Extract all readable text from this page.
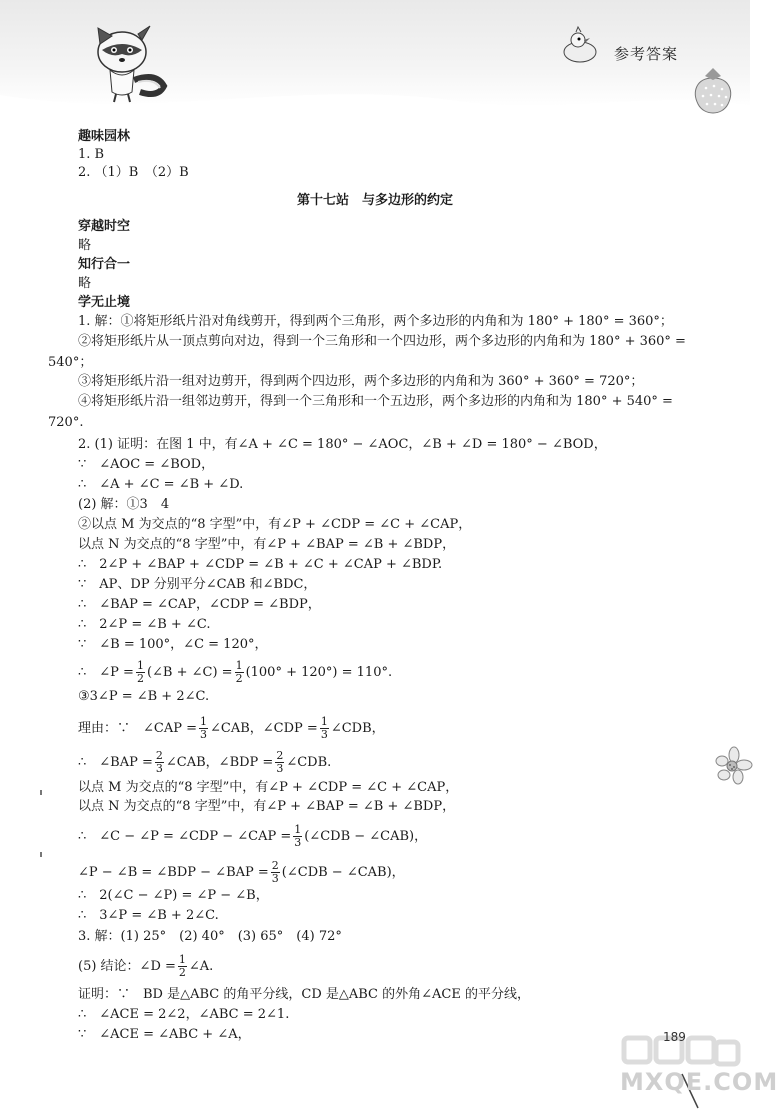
参考答案
趣味园林
1. B
2. （1）B　（2）B
第十七站　与多边形的约定
穿越时空
略
知行合一
略
学无止境
1. 解：①将矩形纸片沿对角线剪开，得到两个三角形，两个多边形的内角和为 180° + 180° = 360°；
②将矩形纸片从一顶点剪向对边，得到一个三角形和一个四边形，两个多边形的内角和为 180° + 360° =
540°；
③将矩形纸片沿一组对边剪开，得到两个四边形，两个多边形的内角和为 360° + 360° = 720°；
④将矩形纸片沿一组邻边剪开，得到一个三角形和一个五边形，两个多边形的内角和为 180° + 540° =
720°.
2. (1) 证明：在图 1 中，有∠A + ∠C = 180° − ∠AOC，∠B + ∠D = 180° − ∠BOD，
∵　∠AOC = ∠BOD，
∴　∠A + ∠C = ∠B + ∠D.
(2) 解：①3　4
②以点 M 为交点的“8 字型”中，有∠P + ∠CDP = ∠C + ∠CAP，
以点 N 为交点的“8 字型”中，有∠P + ∠BAP = ∠B + ∠BDP，
∴　2∠P + ∠BAP + ∠CDP = ∠B + ∠C + ∠CAP + ∠BDP.
∵　AP、DP 分别平分∠CAB 和∠BDC，
∴　∠BAP = ∠CAP，∠CDP = ∠BDP，
∴　2∠P = ∠B + ∠C.
∵　∠B = 100°，∠C = 120°，
∴　∠P = $\frac{1}{2}$ (∠B + ∠C) = $\frac{1}{2} (100^\circ + 120^\circ) = 110^\circ$.
③3∠P = ∠B + 2∠C.
理由：∵　∠CAP = $\frac{1}{3}$ ∠CAB，∠CDP = $\frac{1}{3}$ ∠CDB，
∴　∠BAP = $\frac{2}{3}$ ∠CAB，∠BDP = $\frac{2}{3}$ ∠CDB.
以点 M 为交点的“8 字型”中，有∠P + ∠CDP = ∠C + ∠CAP，
以点 N 为交点的“8 字型”中，有∠P + ∠BAP = ∠B + ∠BDP，
∴　∠C − ∠P = ∠CDP − ∠CAP = $\frac{1}{3}$ (∠CDB − ∠CAB)，
∠P − ∠B = ∠BDP − ∠BAP = $\frac{2}{3}$ (∠CDB − ∠CAB)，
∴　2(∠C − ∠P) = ∠P − ∠B，
∴　3∠P = ∠B + 2∠C.
3. 解：(1) 25°　(2) 40°　(3) 65°　(4) 72°
(5) 结论：∠D = $\frac{1}{2}$ ∠A.
证明：∵　BD 是△ABC 的角平分线，CD 是△ABC 的外角∠ACE 的平分线，
∴　∠ACE = 2∠2，∠ABC = 2∠1.
∵　∠ACE = ∠ABC + ∠A，	189
MXQE.COM
